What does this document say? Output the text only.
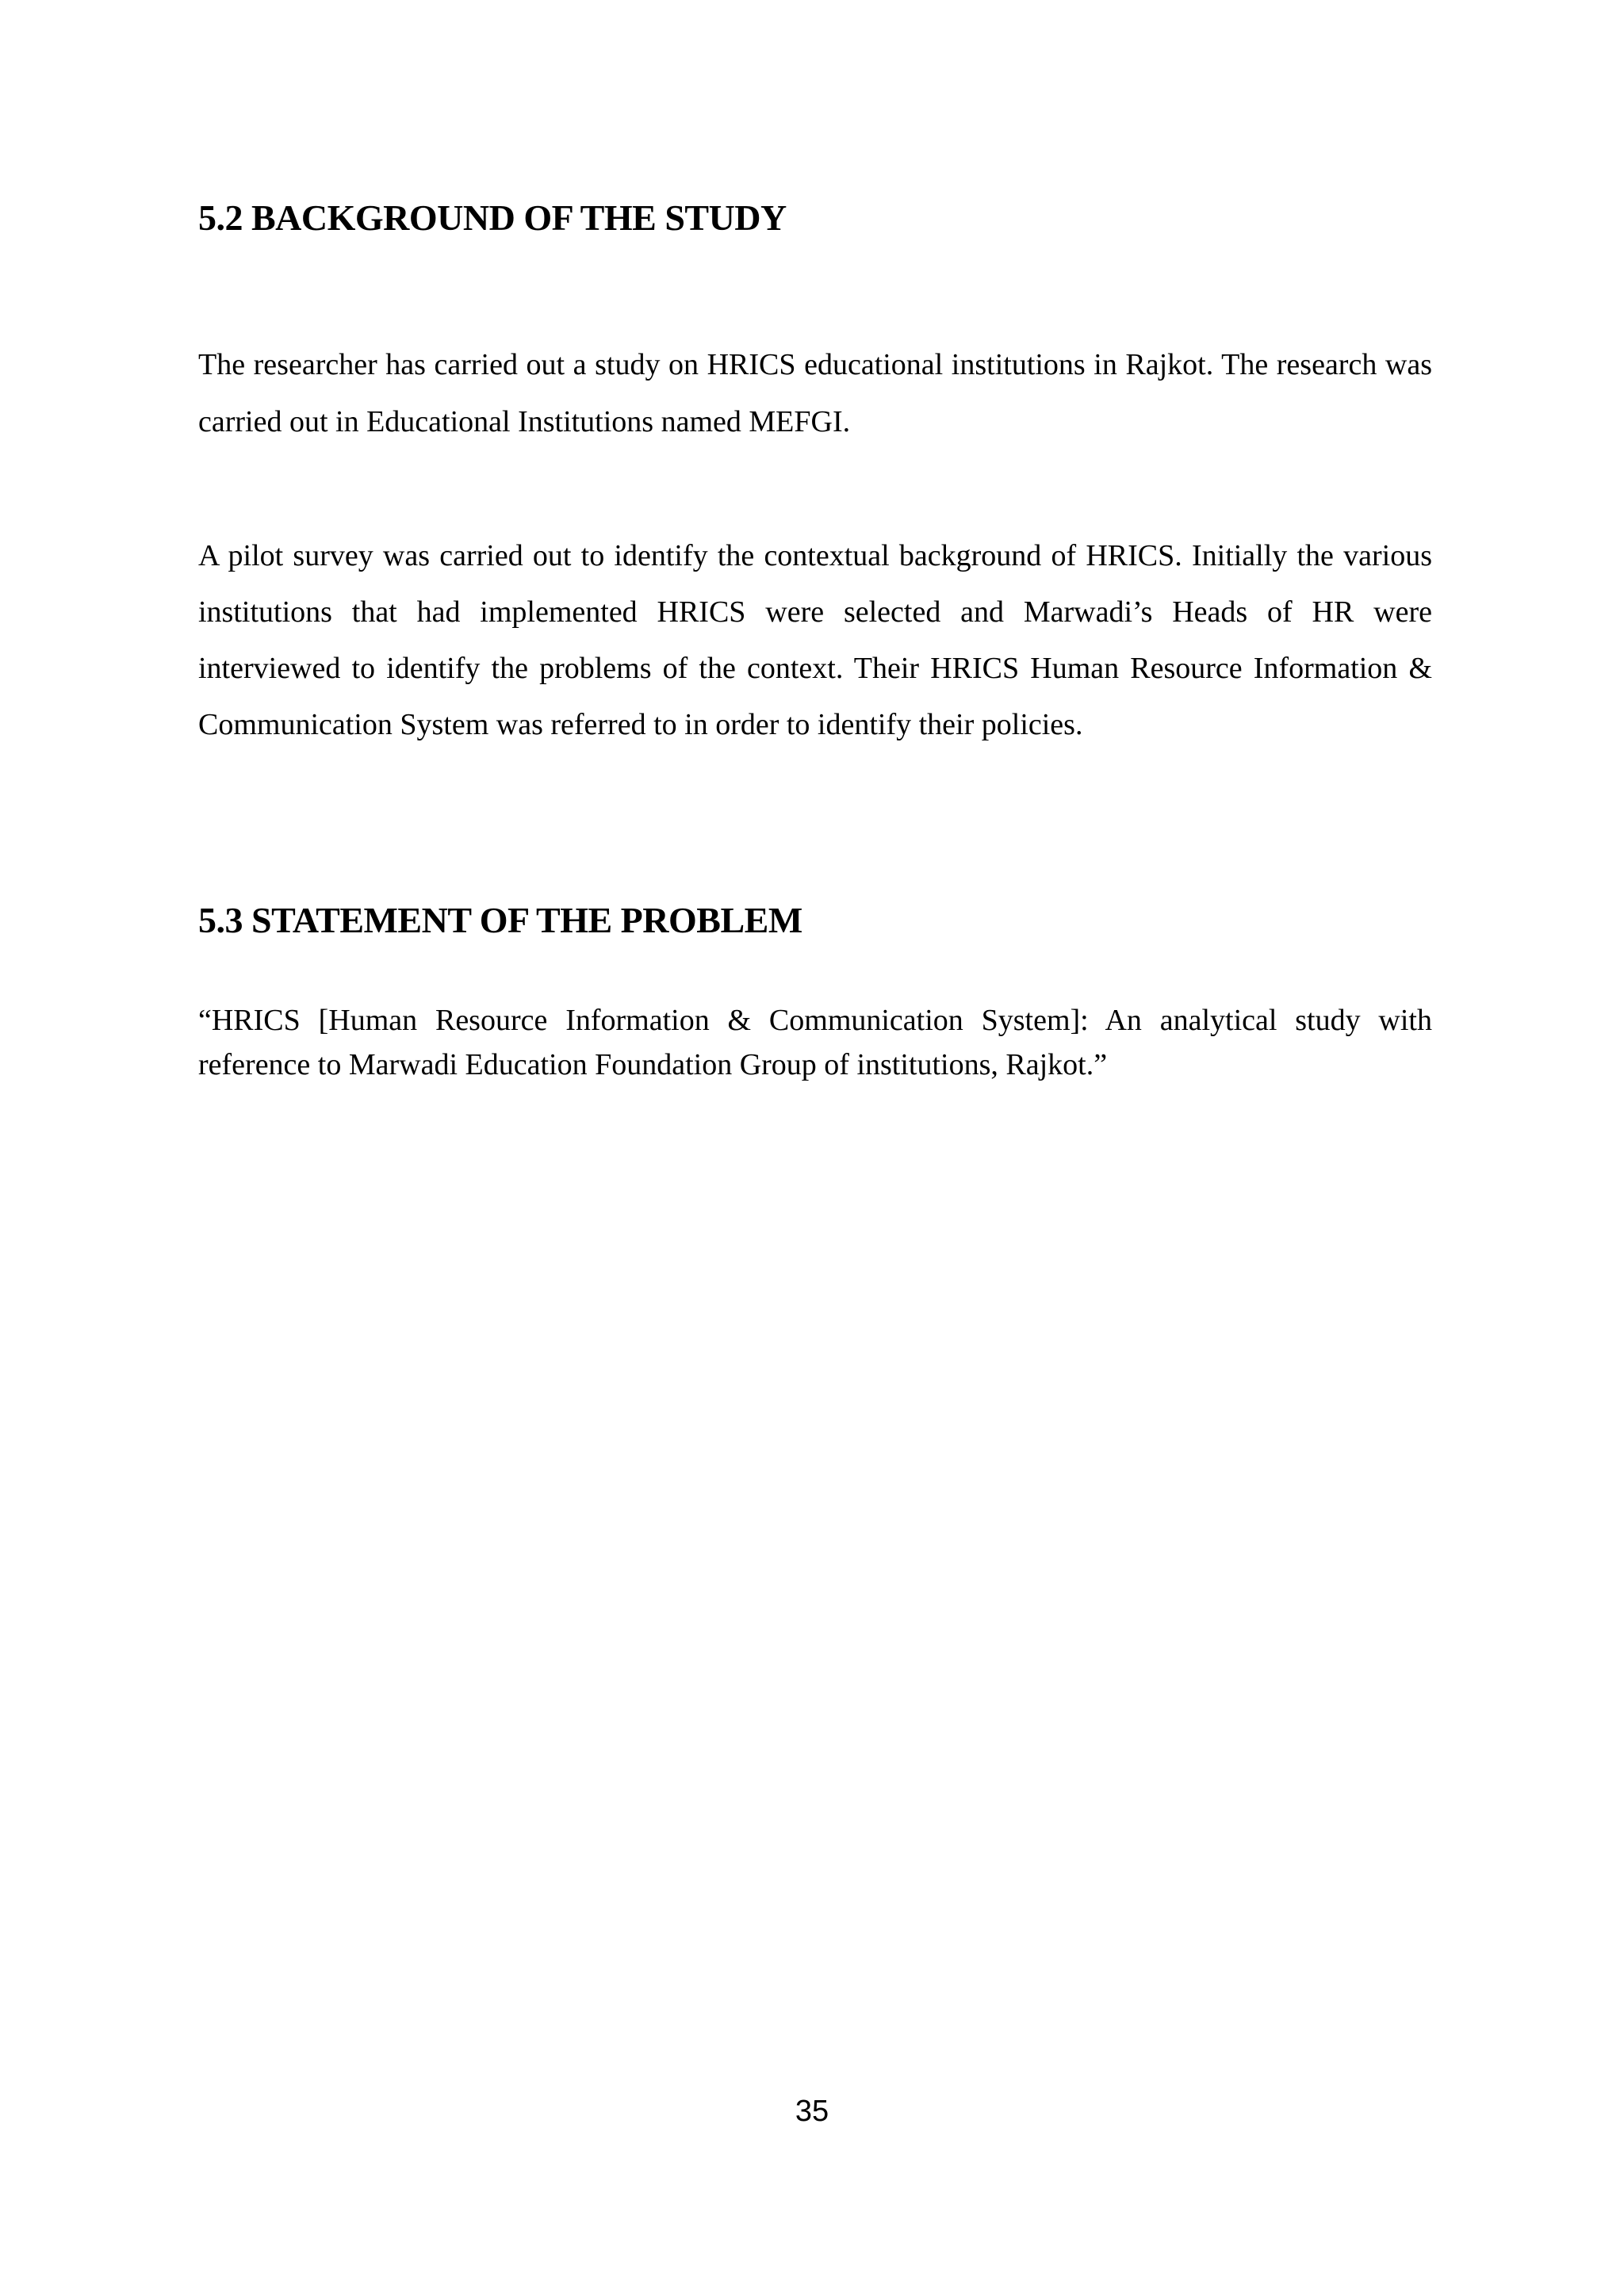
5.2 BACKGROUND OF THE STUDY

The researcher has carried out a study on HRICS educational institutions in Rajkot. The research was carried out in Educational Institutions named MEFGI.

A pilot survey was carried out to identify the contextual background of HRICS. Initially the various institutions that had implemented HRICS were selected and Marwadi’s Heads of HR were interviewed to identify the problems of the context. Their HRICS Human Resource Information & Communication System was referred to in order to identify their policies.

5.3 STATEMENT OF THE PROBLEM

“HRICS [Human Resource Information & Communication System]: An analytical study with reference to Marwadi Education Foundation Group of institutions, Rajkot.”

35
